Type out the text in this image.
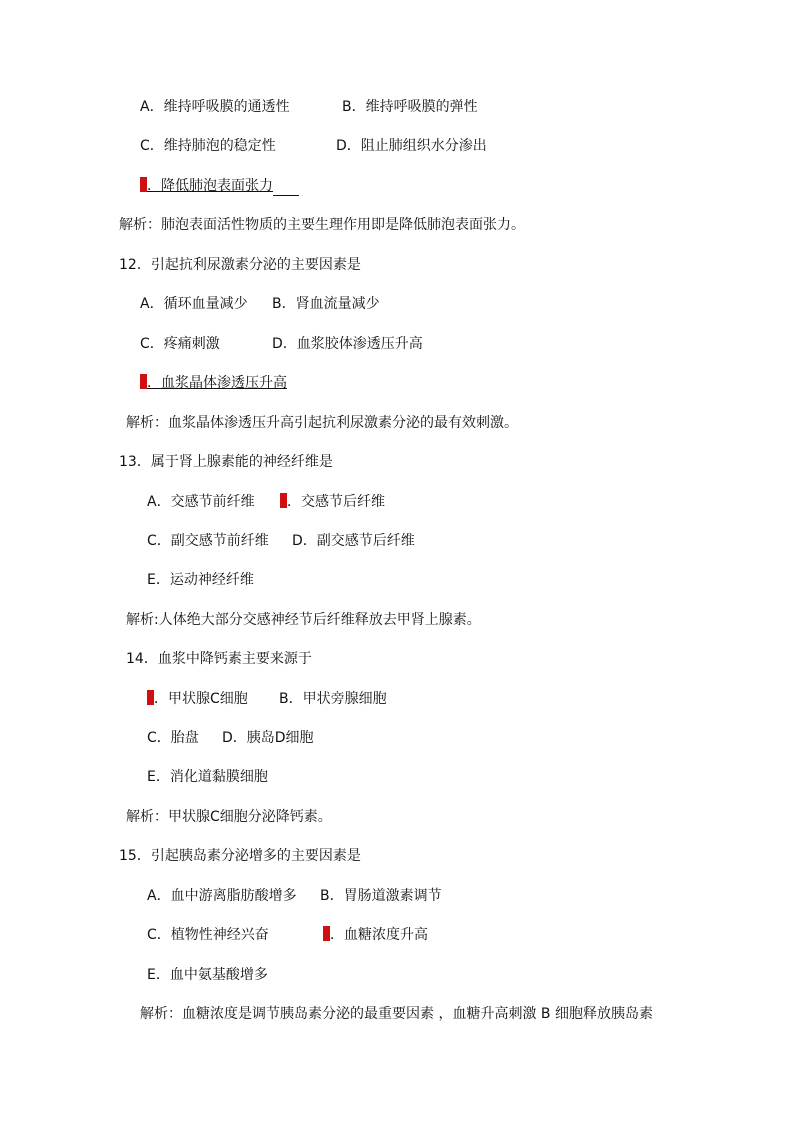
A．维持呼吸膜的通透性	B．维持呼吸膜的弹性
C．维持肺泡的稳定性	D．阻止肺组织水分渗出
．降低肺泡表面张力
解析：肺泡表面活性物质的主要生理作用即是降低肺泡表面张力。
12．引起抗利尿激素分泌的主要因素是
A．循环血量减少 B．肾血流量减少
C．疼痛刺激	D．血浆胶体渗透压升高
．血浆晶体渗透压升高
解析：血浆晶体渗透压升高引起抗利尿激素分泌的最有效刺激。
13．属于肾上腺素能的神经纤维是
A．交感节前纤维 ．交感节后纤维
C．副交感节前纤维 D．副交感节后纤维
E．运动神经纤维
解析:人体绝大部分交感神经节后纤维释放去甲肾上腺素。
14．血浆中降钙素主要来源于
．甲状腺C细胞 B．甲状旁腺细胞
C．胎盘 D．胰岛D细胞
E．消化道黏膜细胞
解析：甲状腺C细胞分泌降钙素。
15．引起胰岛素分泌增多的主要因素是
A．血中游离脂肪酸增多 B．胃肠道激素调节
C．植物性神经兴奋	．血糖浓度升高
E．血中氨基酸增多
解析：血糖浓度是调节胰岛素分泌的最重要因素 ，血糖升高刺激 B 细胞释放胰岛素
